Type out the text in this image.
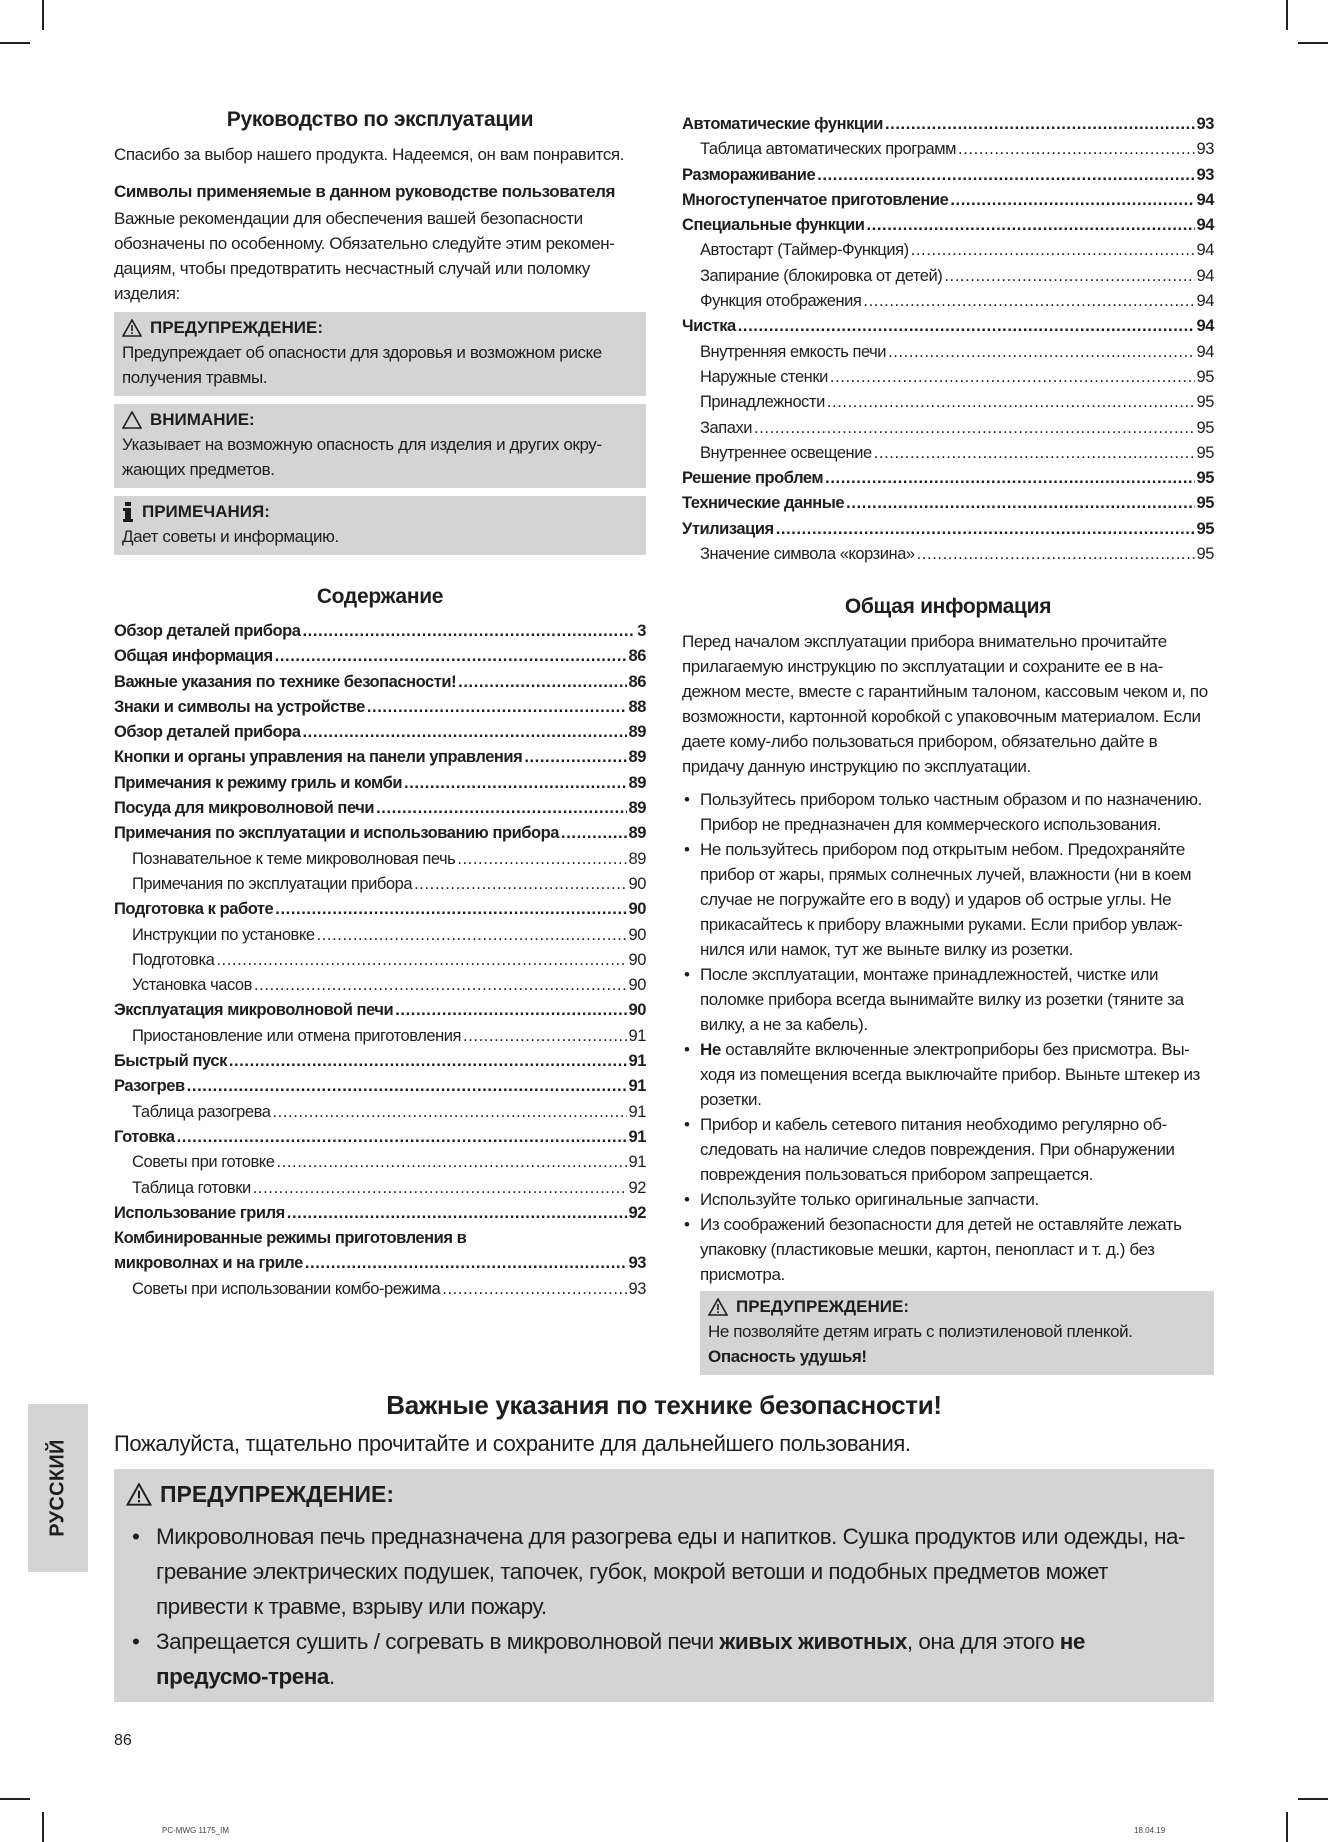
Руководство по эксплуатации
Спасибо за выбор нашего продукта. Надеемся, он вам понравится.
Символы применяемые в данном руководстве пользователя
Важные рекомендации для обеспечения вашей безопасности обозначены по особенному. Обязательно следуйте этим рекомен-дациям, чтобы предотвратить несчастный случай или поломку изделия:
ПРЕДУПРЕЖДЕНИЕ:
Предупреждает об опасности для здоровья и возможном риске получения травмы.
ВНИМАНИЕ:
Указывает на возможную опасность для изделия и других окру-жающих предметов.
ПРИМЕЧАНИЯ:
Дает советы и информацию.
Содержание
Обзор деталей прибора .....	3
Общая информация .....	86
Важные указания по технике безопасности! .....	86
Знаки и символы на устройстве .....	88
Обзор деталей прибора .....	89
Кнопки и органы управления на панели управления .....	89
Примечания к режиму гриль и комби .....	89
Посуда для микроволновой печи .....	89
Примечания по эксплуатации и использованию прибора .....	89
Познавательное к теме микроволновая печь .....	89
Примечания по эксплуатации прибора .....	90
Подготовка к работе .....	90
Инструкции по установке .....	90
Подготовка .....	90
Установка часов .....	90
Эксплуатация микроволновой печи .....	90
Приостановление или отмена приготовления .....	91
Быстрый пуск .....	91
Разогрев .....	91
Таблица разогрева .....	91
Готовка .....	91
Советы при готовке .....	91
Таблица готовки .....	92
Использование гриля .....	92
Комбинированные режимы приготовления в
микроволнах и на гриле .....	93
Советы при использовании комбо-режима .....	93
Автоматические функции .....	93
Таблица автоматических программ .....	93
Размораживание .....	93
Многоступенчатое приготовление .....	94
Специальные функции .....	94
Автостарт (Таймер-Функция) .....	94
Запирание (блокировка от детей) .....	94
Функция отображения .....	94
Чистка .....	94
Внутренняя емкость печи .....	94
Наружные стенки .....	95
Принадлежности .....	95
Запахи .....	95
Внутреннее освещение .....	95
Решение проблем .....	95
Технические данные .....	95
Утилизация .....	95
Значение символа «корзина» .....	95
Общая информация
Перед началом эксплуатации прибора внимательно прочитайте прилагаемую инструкцию по эксплуатации и сохраните ее в на-дежном месте, вместе с гарантийным талоном, кассовым чеком и, по возможности, картонной коробкой с упаковочным материалом. Если даете кому-либо пользоваться прибором, обязательно дайте в придачу данную инструкцию по эксплуатации.
• Пользуйтесь прибором только частным образом и по назначению. Прибор не предназначен для коммерческого использования.
• Не пользуйтесь прибором под открытым небом. Предохраняйте прибор от жары, прямых солнечных лучей, влажности (ни в коем случае не погружайте его в воду) и ударов об острые углы. Не прикасайтесь к прибору влажными руками. Если прибор увлаж-нился или намок, тут же выньте вилку из розетки.
• После эксплуатации, монтаже принадлежностей, чистке или поломке прибора всегда вынимайте вилку из розетки (тяните за вилку, а не за кабель).
• Не оставляйте включенные электроприборы без присмотра. Вы-ходя из помещения всегда выключайте прибор. Выньте штекер из розетки.
• Прибор и кабель сетевого питания необходимо регулярно об-следовать на наличие следов повреждения. При обнаружении повреждения пользоваться прибором запрещается.
• Используйте только оригинальные запчасти.
• Из соображений безопасности для детей не оставляйте лежать упаковку (пластиковые мешки, картон, пенопласт и т. д.) без присмотра.
ПРЕДУПРЕЖДЕНИЕ:
Не позволяйте детям играть с полиэтиленовой пленкой.
Опасность удушья!
РУССКИЙ
Важные указания по технике безопасности!
Пожалуйста, тщательно прочитайте и сохраните для дальнейшего пользования.
ПРЕДУПРЕЖДЕНИЕ:
• Микроволновая печь предназначена для разогрева еды и напитков. Сушка продуктов или одежды, на-гревание электрических подушек, тапочек, губок, мокрой ветоши и подобных предметов может привести к травме, взрыву или пожару.
• Запрещается сушить / согревать в микроволновой печи живых животных, она для этого не предусмо-трена.
86
PC-MWG 1175_IM	18.04.19
